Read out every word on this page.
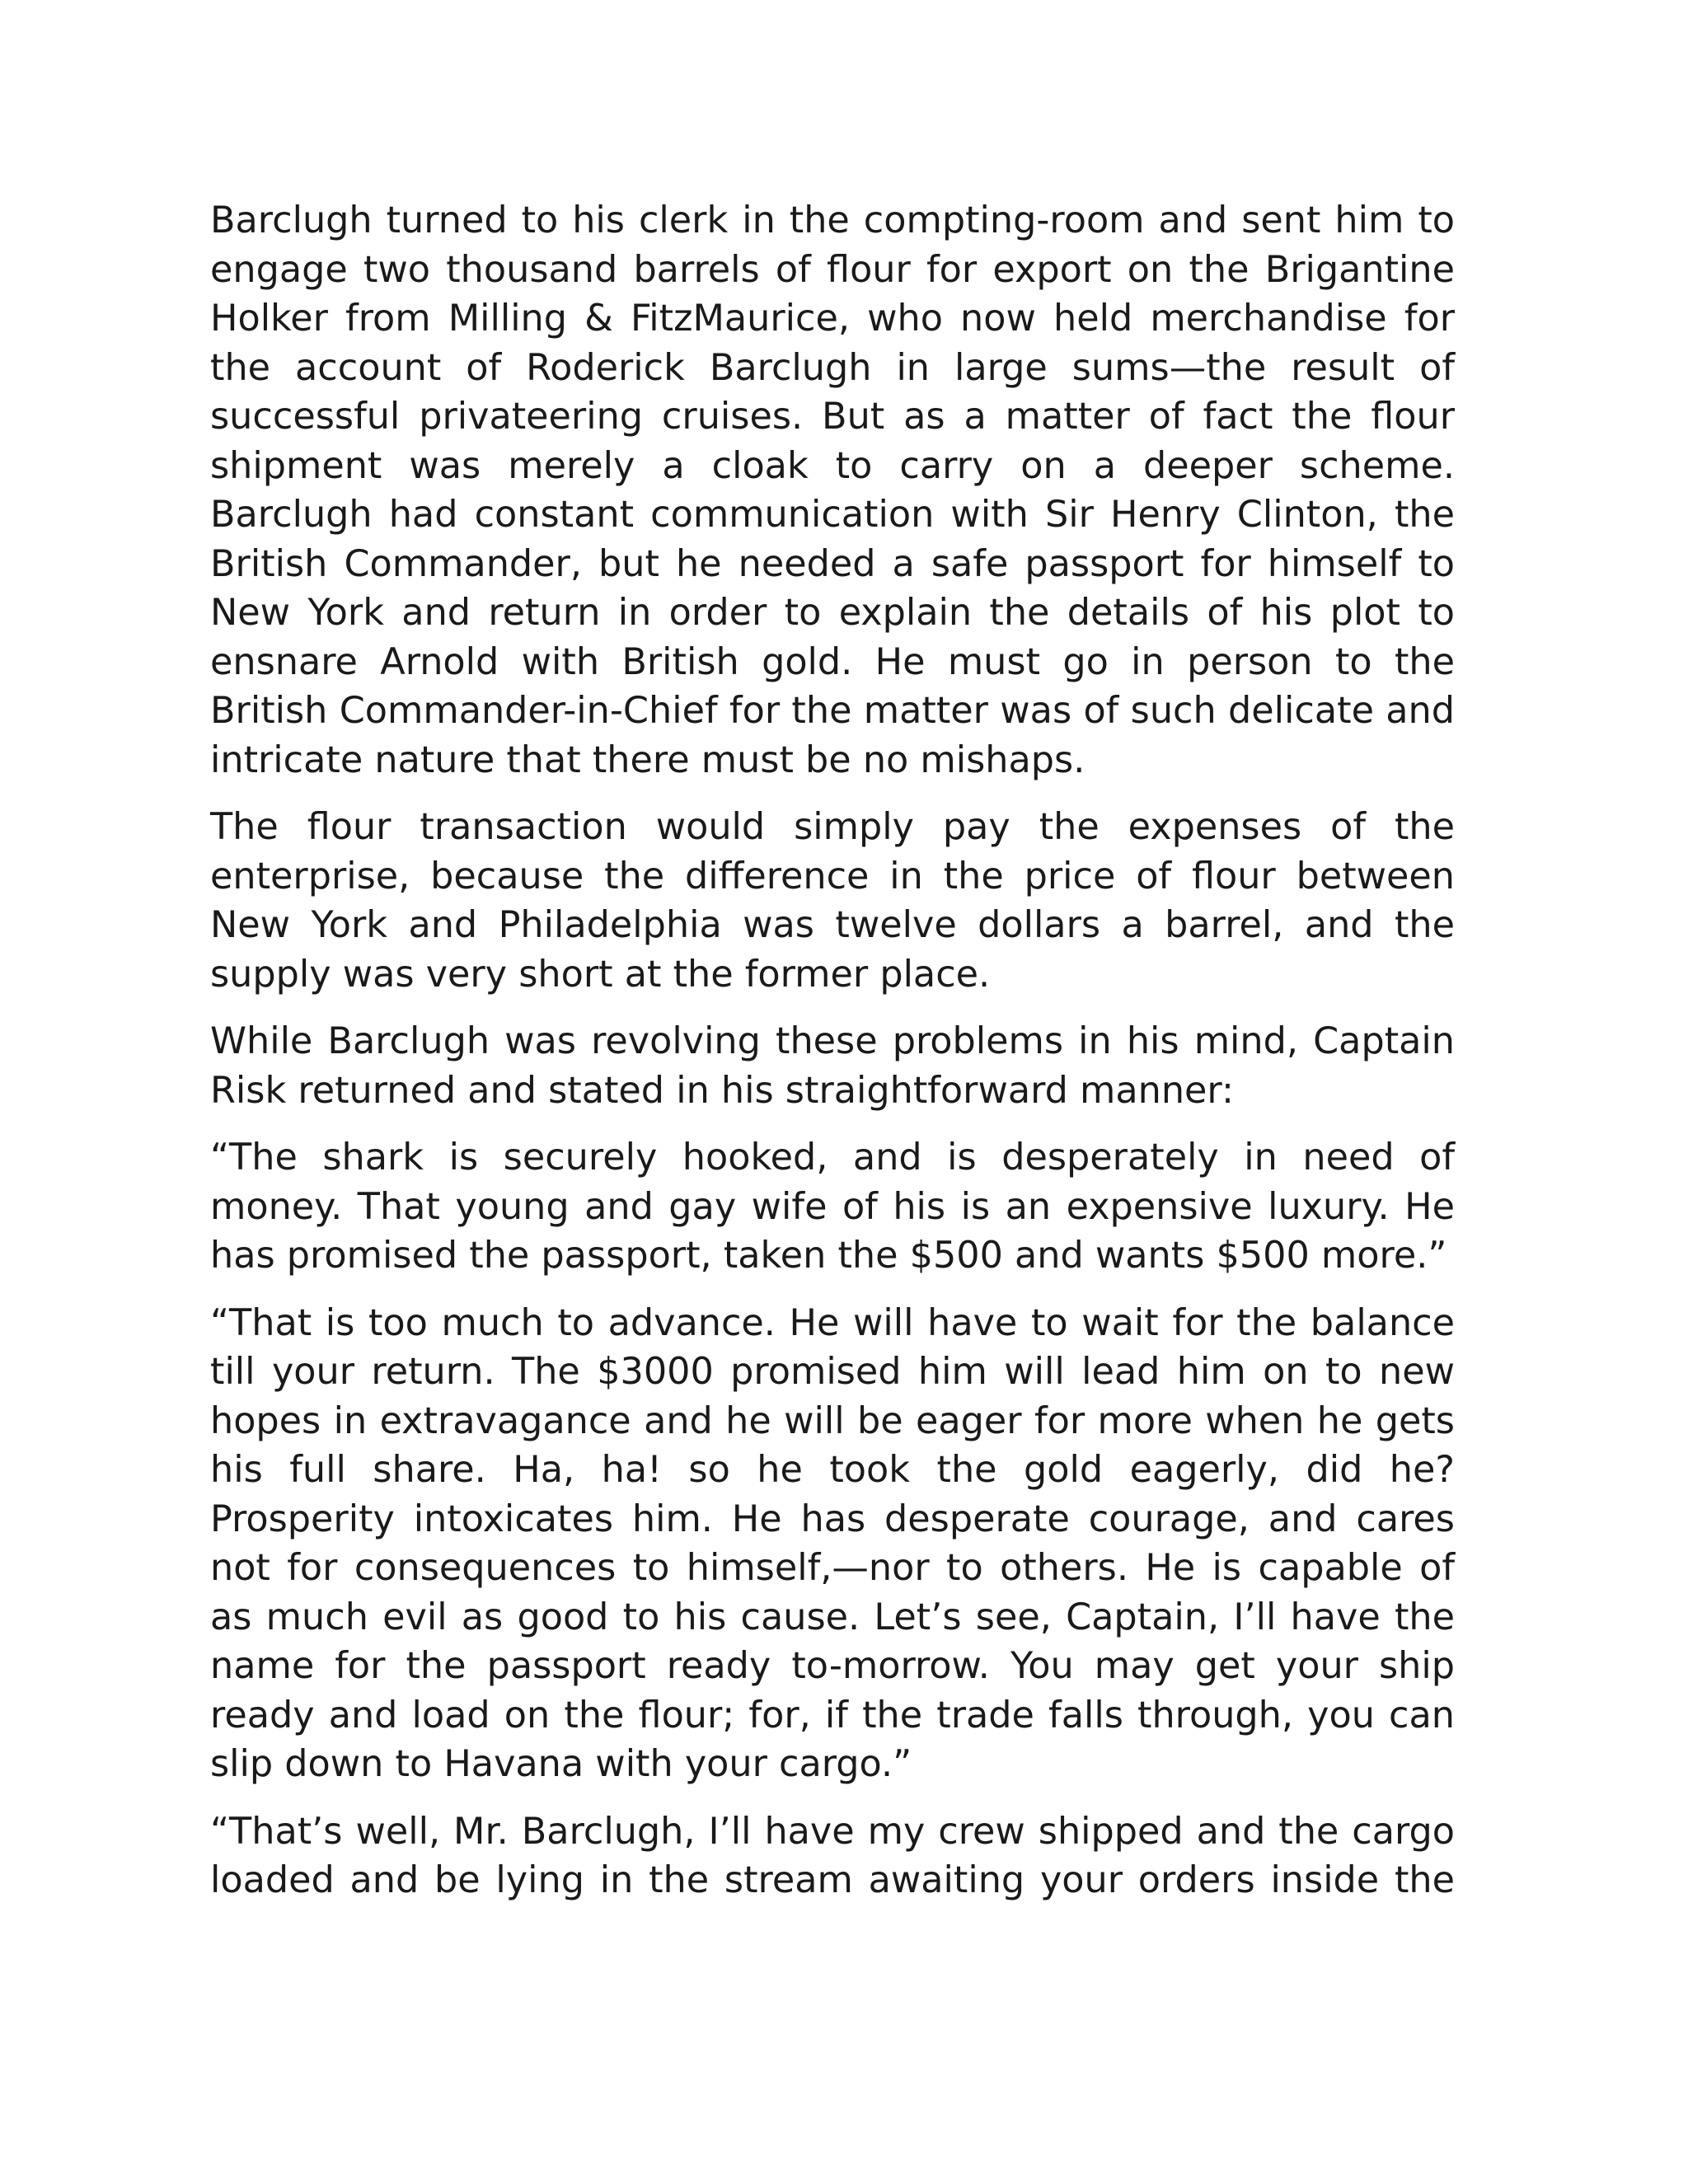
Barclugh turned to his clerk in the compting-room and sent him to engage two thousand barrels of flour for export on the Brigantine Holker from Milling & FitzMaurice, who now held merchandise for the account of Roderick Barclugh in large sums—the result of successful privateering cruises. But as a matter of fact the flour shipment was merely a cloak to carry on a deeper scheme. Barclugh had constant communication with Sir Henry Clinton, the British Commander, but he needed a safe passport for himself to New York and return in order to explain the details of his plot to ensnare Arnold with British gold. He must go in person to the British Commander-in-Chief for the matter was of such delicate and intricate nature that there must be no mishaps.

The flour transaction would simply pay the expenses of the enterprise, because the difference in the price of flour between New York and Philadelphia was twelve dollars a barrel, and the supply was very short at the former place.

While Barclugh was revolving these problems in his mind, Captain Risk returned and stated in his straightforward manner:

“The shark is securely hooked, and is desperately in need of money. That young and gay wife of his is an expensive luxury. He has promised the passport, taken the $500 and wants $500 more.”

“That is too much to advance. He will have to wait for the balance till your return. The $3000 promised him will lead him on to new hopes in extravagance and he will be eager for more when he gets his full share. Ha, ha! so he took the gold eagerly, did he? Prosperity intoxicates him. He has desperate courage, and cares not for consequences to himself,—nor to others. He is capable of as much evil as good to his cause. Let’s see, Captain, I’ll have the name for the passport ready to-morrow. You may get your ship ready and load on the flour; for, if the trade falls through, you can slip down to Havana with your cargo.”

“That’s well, Mr. Barclugh, I’ll have my crew shipped and the cargo loaded and be lying in the stream awaiting your orders inside the
